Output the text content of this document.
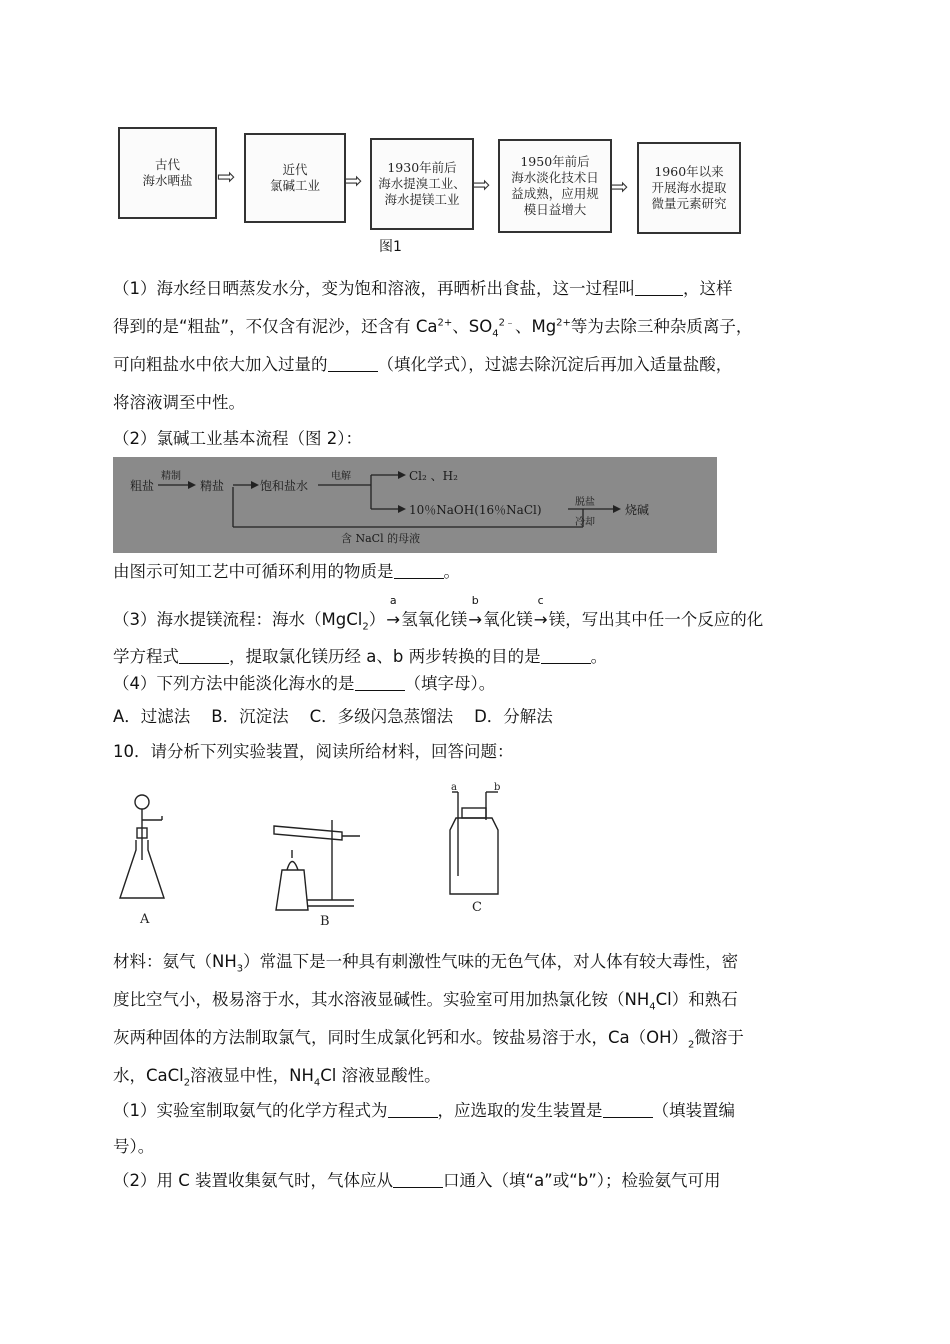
古代
海水晒盐	⇨	近代
氯碱工业	⇨
1930年前后
海水提溴工业、
海水提镁工业
⇨
1950年前后
海水淡化技术日
益成熟，应用规
模日益增大
⇨
1960年以来
开展海水提取
微量元素研究
图1
（1）海水经日晒蒸发水分，变为饱和溶液，再晒析出食盐，这一过程叫	，这样
得到的是“粗盐”，不仅含有泥沙，还含有 $Ca^{2+}$、$SO_4^{2﹣}$、$Mg^{2+}$等为去除三种杂质离子，
可向粗盐水中依大加入过量的	（填化学式），过滤去除沉淀后再加入适量盐酸，
将溶液调至中性。
（2）氯碱工业基本流程（图 2）：
粗盐
精制
精盐	饱和盐水
电解	Cl₂ 、H₂
10％NaOH(16％NaCl)
脱盐
冷却
烧碱
含 NaCl 的母液
由图示可知工艺中可循环利用的物质是	。
（3）海水提镁流程：海水（MgCl$_2$）
a
→氢氧化镁
b
→氧化镁
c
→镁，写出其中任一个反应的化
学方程式	，提取氯化镁历经 a、b 两步转换的目的是	。
（4）下列方法中能淡化海水的是	（填字母）。
A．过滤法    B．沉淀法    C．多级闪急蒸馏法    D．分解法
10．请分析下列实验装置，阅读所给材料，回答问题：
A	B
a	b
C
材料：氨气$(NH_3)$常温下是一种具有刺激性气味的无色气体，对人体有较大毒性，密
度比空气小，极易溶于水，其水溶液显碱性。实验室可用加热氯化铵$(NH_4Cl)$和熟石
灰两种固体的方法制取氯气，同时生成氯化钙和水。铵盐易溶于水，$Ca(OH)_2$微溶于
水，CaCl$_2$溶液显中性，$NH_4Cl$ 溶液显酸性。
（1）实验室制取氨气的化学方程式为	，应选取的发生装置是	（填装置编
号）。
（2）用 C 装置收集氨气时，气体应从	口通入（填“a”或“b”）；检验氨气可用
